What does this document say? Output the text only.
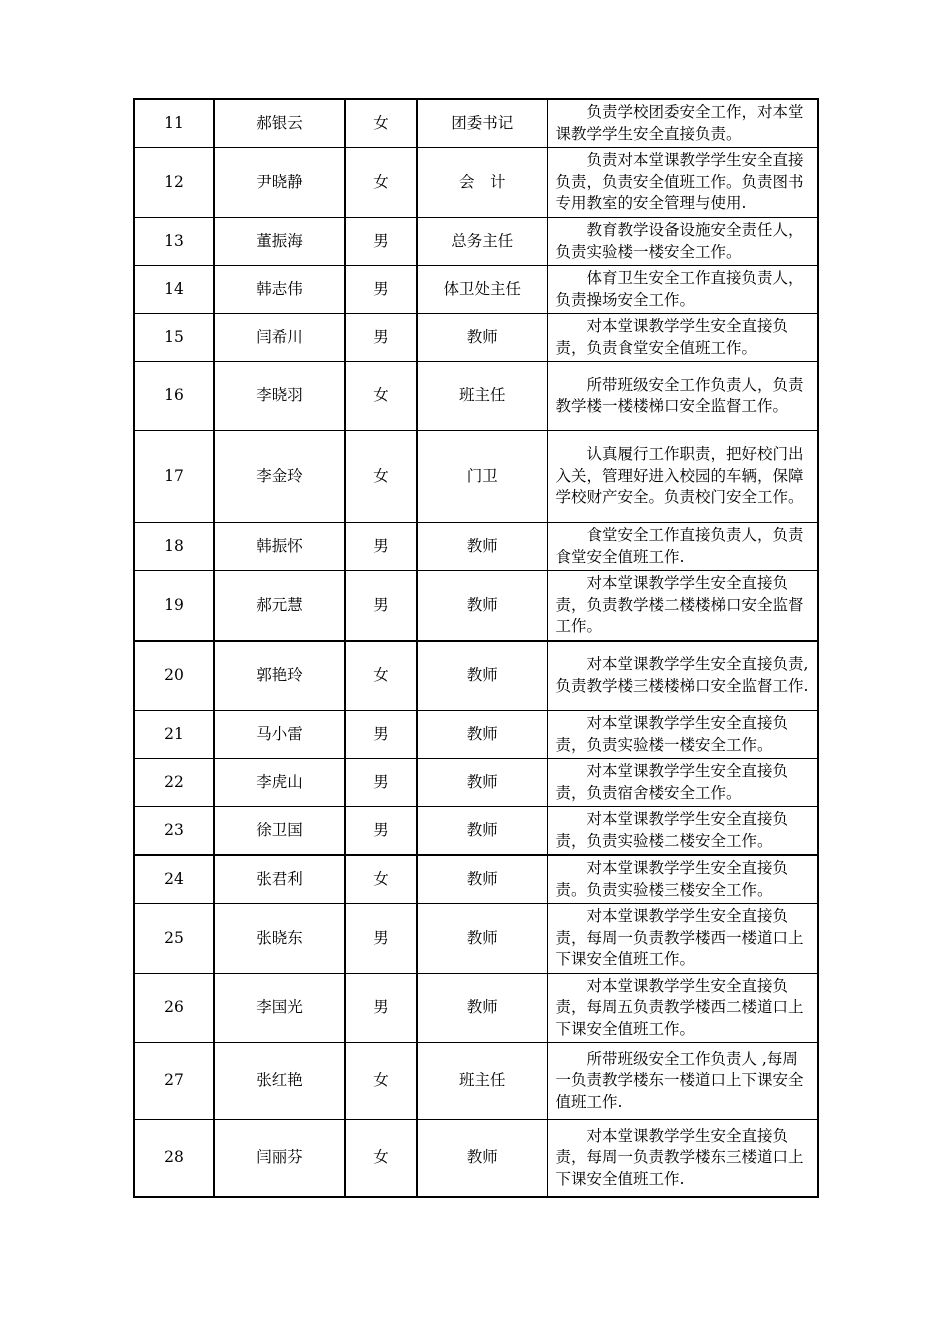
11	郝银云	女	团委书记	负责学校团委安全工作，对本堂课教学学生安全直接负责。
12	尹晓静	女	会　计	负责对本堂课教学学生安全直接负责，负责安全值班工作。负责图书专用教室的安全管理与使用.
13	董振海	男	总务主任	教育教学设备设施安全责任人，负责实验楼一楼安全工作。
14	韩志伟	男	体卫处主任	体育卫生安全工作直接负责人，负责操场安全工作。
15	闫希川	男	教师	对本堂课教学学生安全直接负责，负责食堂安全值班工作。
16	李晓羽	女	班主任	所带班级安全工作负责人，负责教学楼一楼楼梯口安全监督工作。
17	李金玲	女	门卫	认真履行工作职责，把好校门出入关，管理好进入校园的车辆，保障学校财产安全。负责校门安全工作。
18	韩振怀	男	教师	食堂安全工作直接负责人，负责食堂安全值班工作.
19	郝元慧	男	教师	对本堂课教学学生安全直接负责，负责教学楼二楼楼梯口安全监督工作。
20	郭艳玲	女	教师	对本堂课教学学生安全直接负责,负责教学楼三楼楼梯口安全监督工作.
21	马小雷	男	教师	对本堂课教学学生安全直接负责，负责实验楼一楼安全工作。
22	李虎山	男	教师	对本堂课教学学生安全直接负责，负责宿舍楼安全工作。
23	徐卫国	男	教师	对本堂课教学学生安全直接负责，负责实验楼二楼安全工作。
24	张君利	女	教师	对本堂课教学学生安全直接负责。负责实验楼三楼安全工作。
25	张晓东	男	教师	对本堂课教学学生安全直接负责，每周一负责教学楼西一楼道口上下课安全值班工作。
26	李国光	男	教师	对本堂课教学学生安全直接负责，每周五负责教学楼西二楼道口上下课安全值班工作。
27	张红艳	女	班主任	所带班级安全工作负责人 ,每周一负责教学楼东一楼道口上下课安全值班工作.
28	闫丽芬	女	教师	对本堂课教学学生安全直接负责，每周一负责教学楼东三楼道口上下课安全值班工作.
